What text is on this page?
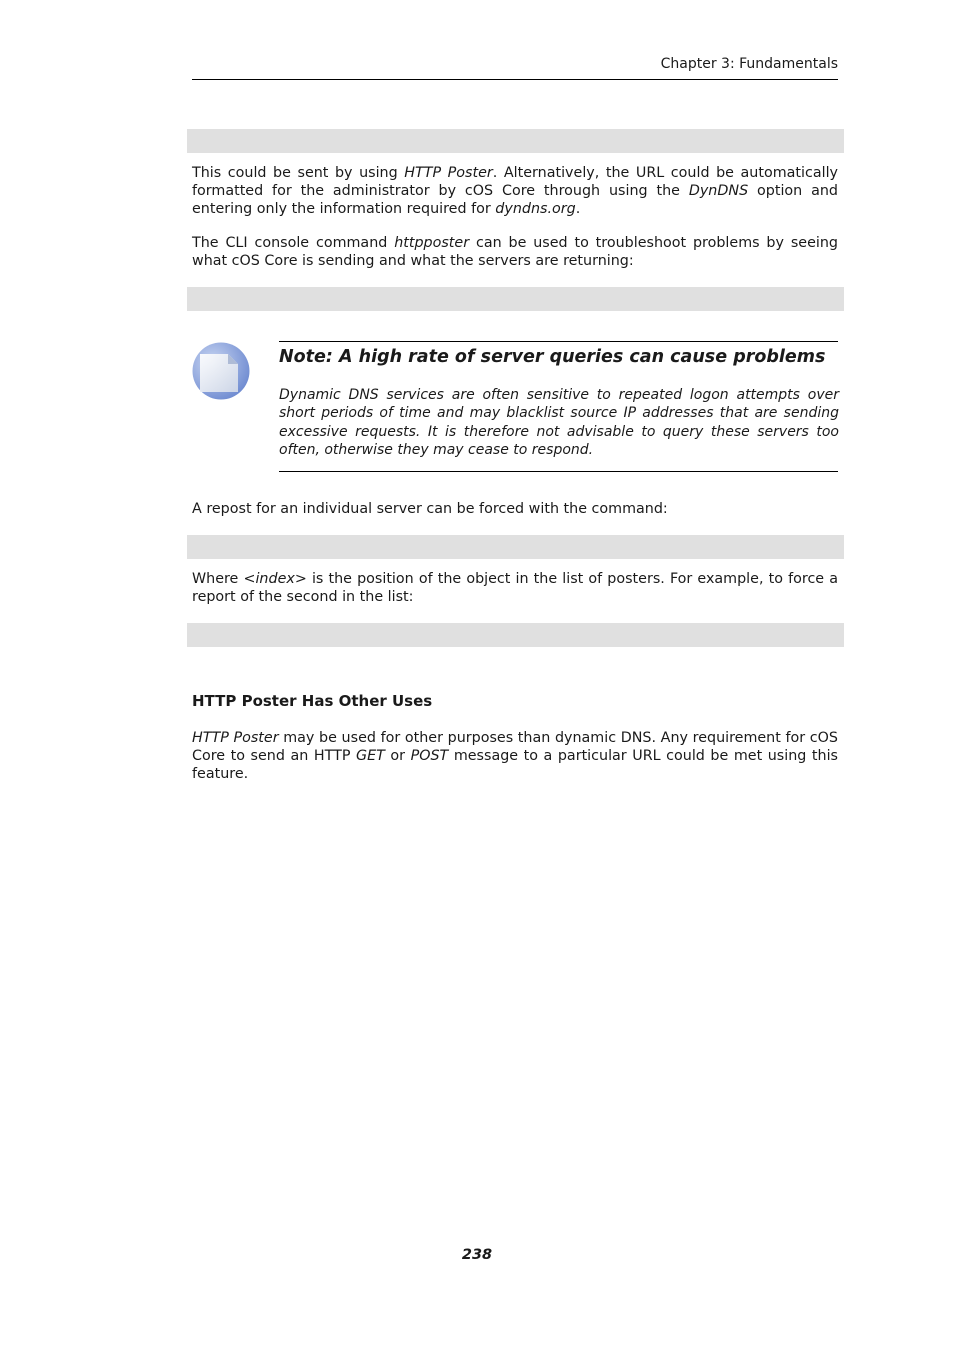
Chapter 3: Fundamentals
This could be sent by using HTTP Poster. Alternatively, the URL could be automatically formatted for the administrator by cOS Core through using the DynDNS option and entering only the information required for dyndns.org.
The CLI console command httpposter can be used to troubleshoot problems by seeing what cOS Core is sending and what the servers are returning:
Note: A high rate of server queries can cause problems
Dynamic DNS services are often sensitive to repeated logon attempts over short periods of time and may blacklist source IP addresses that are sending excessive requests. It is therefore not advisable to query these servers too often, otherwise they may cease to respond.
A repost for an individual server can be forced with the command:
Where <index> is the position of the object in the list of posters. For example, to force a report of the second in the list:
HTTP Poster Has Other Uses
HTTP Poster may be used for other purposes than dynamic DNS. Any requirement for cOS Core to send an HTTP GET or POST message to a particular URL could be met using this feature.
238
